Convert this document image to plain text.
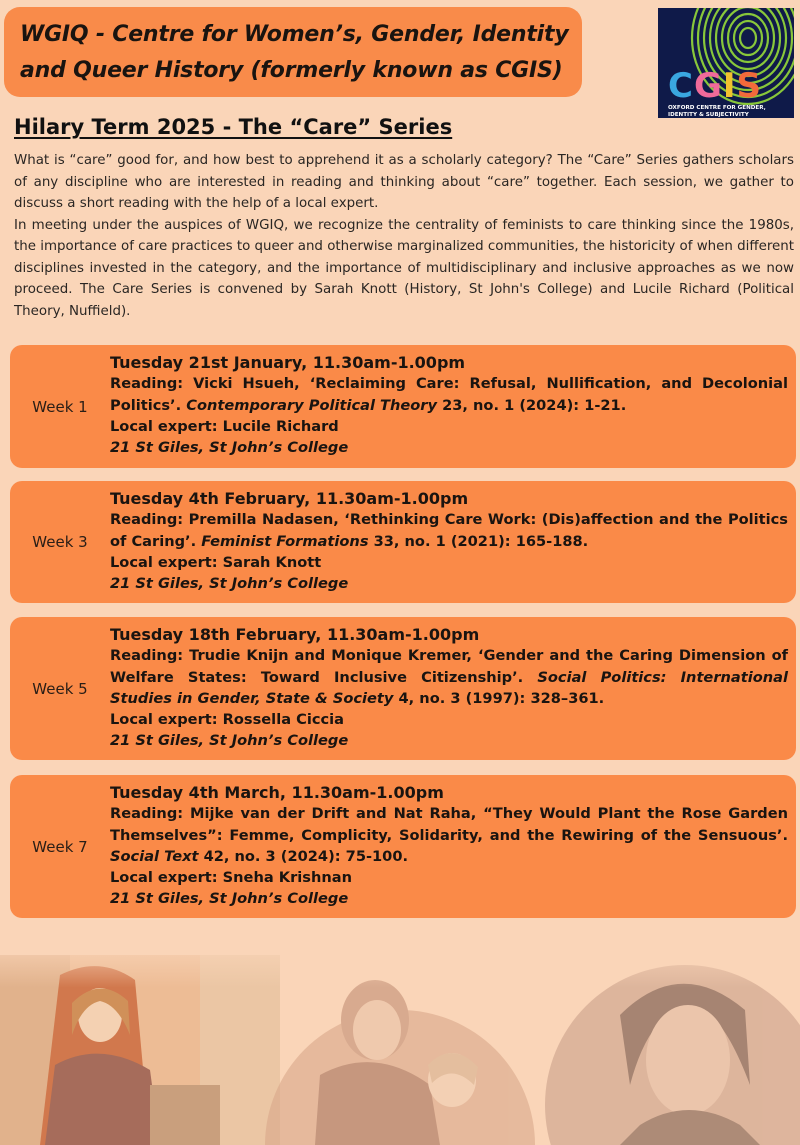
WGIQ - Centre for Women’s, Gender, Identity
and Queer History (formerly known as CGIS)	CGIS
OXFORD CENTRE FOR GENDER, IDENTITY & SUBJECTIVITY
Hilary Term 2025 - The “Care” Series

What is “care” good for, and how best to apprehend it as a scholarly category? The “Care” Series gathers scholars of any discipline who are interested in reading and thinking about “care” together. Each session, we gather to discuss a short reading with the help of a local expert.

In meeting under the auspices of WGIQ, we recognize the centrality of feminists to care thinking since the 1980s, the importance of care practices to queer and otherwise marginalized communities, the historicity of when different disciplines invested in the category, and the importance of multidisciplinary and inclusive approaches as we now proceed. The Care Series is convened by Sarah Knott (History, St John's College) and Lucile Richard (Political Theory, Nuffield).

Week 1
Tuesday 21st January, 11.30am-1.00pm
Reading: Vicki Hsueh, ‘Reclaiming Care: Refusal, Nullification, and Decolonial Politics’. Contemporary Political Theory 23, no. 1 (2024): 1-21.
Local expert: Lucile Richard
21 St Giles, St John’s College
Week 3
Tuesday 4th February, 11.30am-1.00pm
Reading: Premilla Nadasen, ‘Rethinking Care Work: (Dis)affection and the Politics of Caring’. Feminist Formations 33, no. 1 (2021): 165-188.
Local expert: Sarah Knott
21 St Giles, St John’s College
Week 5
Tuesday 18th February, 11.30am-1.00pm
Reading: Trudie Knijn and Monique Kremer, ‘Gender and the Caring Dimension of Welfare States: Toward Inclusive Citizenship’. Social Politics: International Studies in Gender, State & Society 4, no. 3 (1997): 328–361.
Local expert: Rossella Ciccia
21 St Giles, St John’s College
Week 7
Tuesday 4th March, 11.30am-1.00pm
Reading: Mijke van der Drift and Nat Raha, “They Would Plant the Rose Garden Themselves”: Femme, Complicity, Solidarity, and the Rewiring of the Sensuous’. Social Text 42, no. 3 (2024): 75-100.
Local expert: Sneha Krishnan
21 St Giles, St John’s College
